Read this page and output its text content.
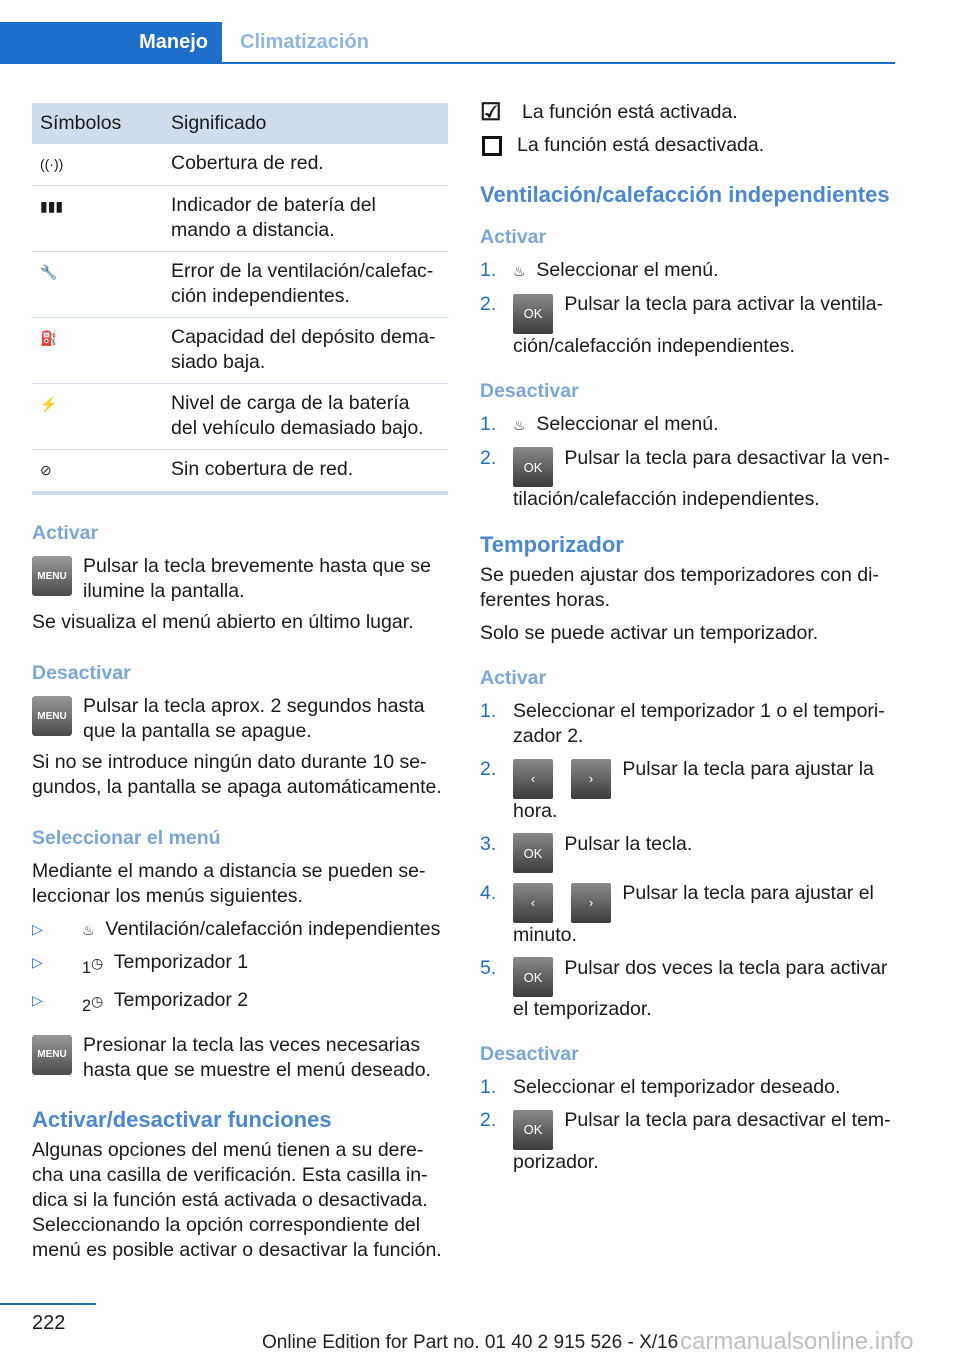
Manejo	Climatización
Símbolos	Significado
((·))	Cobertura de red.
▮▮▮	Indicador de batería del mando a distancia.
🔧	Error de la ventilación/calefacción independientes.
⛽	Capacidad del depósito demasiado baja.
⚡	Nivel de carga de la batería del vehículo demasiado bajo.
⊘	Sin cobertura de red.
Activar
MENU Pulsar la tecla brevemente hasta que se ilumine la pantalla.

Se visualiza el menú abierto en último lugar.

Desactivar
MENU Pulsar la tecla aprox. 2 segundos hasta que la pantalla se apague.

Si no se introduce ningún dato durante 10 segundos, la pantalla se apaga automáticamente.

Seleccionar el menú

Mediante el mando a distancia se pueden seleccionar los menús siguientes.

▷	♨ Ventilación/calefacción independientes
▷	$_1$◷ Temporizador 1
▷	$_2$◷ Temporizador 2
MENU Presionar la tecla las veces necesarias hasta que se muestre el menú deseado.
Activar/desactivar funciones

Algunas opciones del menú tienen a su derecha una casilla de verificación. Esta casilla indica si la función está activada o desactivada. Seleccionando la opción correspondiente del menú es posible activar o desactivar la función.

☑	La función está activada.
La función está desactivada.
Ventilación/calefacción independientes
Activar
1.	♨ Seleccionar el menú.
2.	OK Pulsar la tecla para activar la ventilación/calefacción independientes.
Desactivar
1.	♨ Seleccionar el menú.
2.	OK Pulsar la tecla para desactivar la ventilación/calefacción independientes.
Temporizador

Se pueden ajustar dos temporizadores con diferentes horas.

Solo se puede activar un temporizador.

Activar
1. Seleccionar el temporizador 1 o el temporizador 2.
2.	‹	› Pulsar la tecla para ajustar la hora.
3.	OK Pulsar la tecla.
4.	‹	› Pulsar la tecla para ajustar el minuto.
5.	OK Pulsar dos veces la tecla para activar el temporizador.
Desactivar
1. Seleccionar el temporizador deseado.
2.	OK Pulsar la tecla para desactivar el temporizador.
222
Online Edition for Part no. 01 40 2 915 526 - X/16 carmanualsonline.info
